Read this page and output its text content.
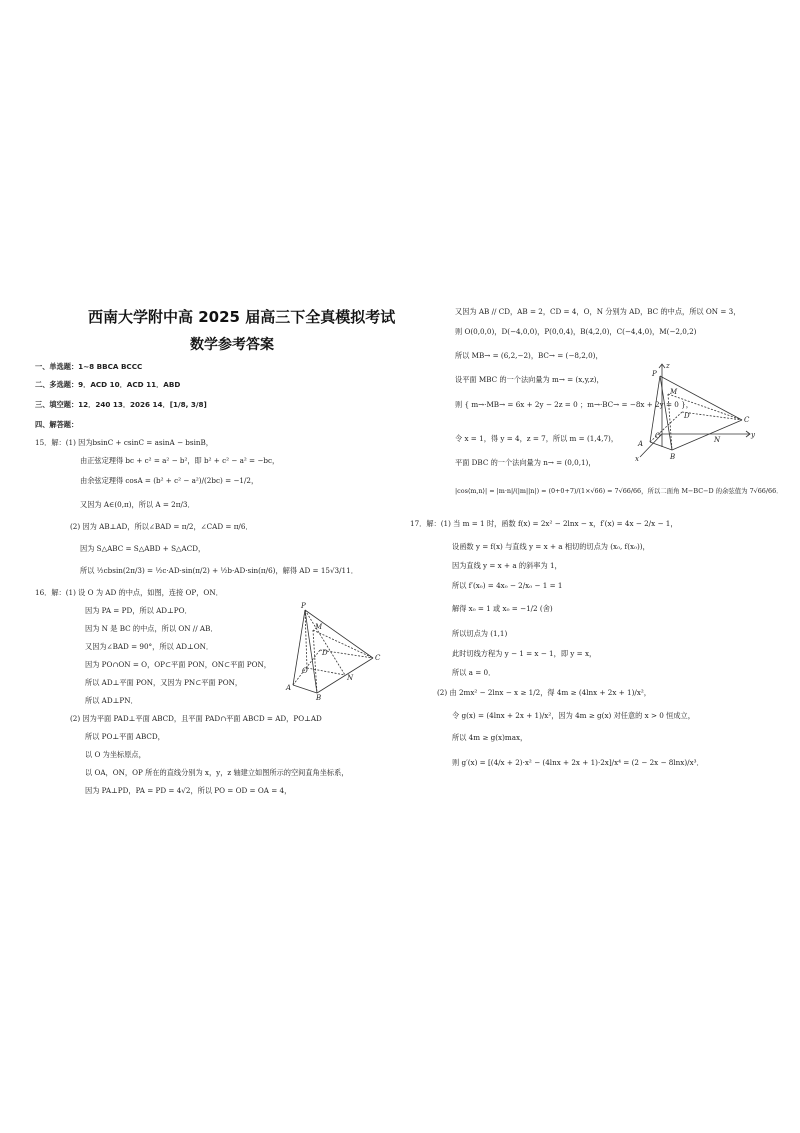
西南大学附中高 2025 届高三下全真模拟考试
数学参考答案
一、单选题：1~8 BBCA BCCC
二、多选题：9．ACD 10．ACD 11．ABD
三、填空题：12．240 13．2026 14．[1/8, 3/8]
四、解答题：
15．解：(1) 因为bsinC + csinC = asinA − bsinB，
由正弦定理得 bc + c² = a² − b²，即 b² + c² − a² = −bc，
由余弦定理得 cosA = (b² + c² − a²)/(2bc) = −1/2，
又因为 A∈(0,π)，所以 A = 2π/3．
(2) 因为 AB⊥AD，所以∠BAD = π/2，∠CAD = π/6．
因为 S△ABC = S△ABD + S△ACD，
所以 ½cbsin(2π/3) = ½c·AD·sin(π/2) + ½b·AD·sin(π/6)，解得 AD = 15√3/11．
16．解：(1) 设 O 为 AD 的中点，如图，连接 OP，ON．
因为 PA = PD，所以 AD⊥PO．
因为 N 是 BC 的中点，所以 ON // AB．
又因为∠BAD = 90°，所以 AD⊥ON．
因为 PO∩ON = O，OP⊂平面 PON，ON⊂平面 PON，
所以 AD⊥平面 PON，又因为 PN⊂平面 PON，
所以 AD⊥PN．
(2) 因为平面 PAD⊥平面 ABCD，且平面 PAD∩平面 ABCD = AD，PO⊥AD
所以 PO⊥平面 ABCD，
以 O 为坐标原点，
以 OA，ON，OP 所在的直线分别为 x，y，z 轴建立如图所示的空间直角坐标系，
因为 PA⊥PD，PA = PD = 4√2，所以 PO = OD = OA = 4，
P
M
D
C
O
N
A
B
又因为 AB // CD，AB = 2，CD = 4，O，N 分别为 AD，BC 的中点，所以 ON = 3，
则 O(0,0,0)，D(−4,0,0)，P(0,0,4)，B(4,2,0)，C(−4,4,0)，M(−2,0,2)
所以 MB→ = (6,2,−2)，BC→ = (−8,2,0)，
设平面 MBC 的一个法向量为 m→ = (x,y,z)，
则 { m→·MB→ = 6x + 2y − 2z = 0 ；m→·BC→ = −8x + 2y = 0 }，
令 x = 1，得 y = 4，z = 7，所以 m = (1,4,7)，
平面 DBC 的一个法向量为 n→ = (0,0,1)，
|cos⟨m,n⟩| = |m·n|/(|m||n|) = (0+0+7)/(1×√66) = 7√66/66，所以二面角 M−BC−D 的余弦值为 7√66/66．
z
P
M
D	C
O	N
y
A
x	B
17．解：(1) 当 m = 1 时，函数 f(x) = 2x² − 2lnx − x，f′(x) = 4x − 2/x − 1，
设函数 y = f(x) 与直线 y = x + a 相切的切点为 (x₀, f(x₀))，
因为直线 y = x + a 的斜率为 1，
所以 f′(x₀) = 4x₀ − 2/x₀ − 1 = 1
解得 x₀ = 1 或 x₀ = −1/2 (舍)
所以切点为 (1,1)
此时切线方程为 y − 1 = x − 1，即 y = x，
所以 a = 0．
(2) 由 2mx² − 2lnx − x ≥ 1/2，得 4m ≥ (4lnx + 2x + 1)/x²，
令 g(x) = (4lnx + 2x + 1)/x²，因为 4m ≥ g(x) 对任意的 x > 0 恒成立，
所以 4m ≥ g(x)max，
则 g′(x) = [(4/x + 2)·x² − (4lnx + 2x + 1)·2x]/x⁴ = (2 − 2x − 8lnx)/x³．
